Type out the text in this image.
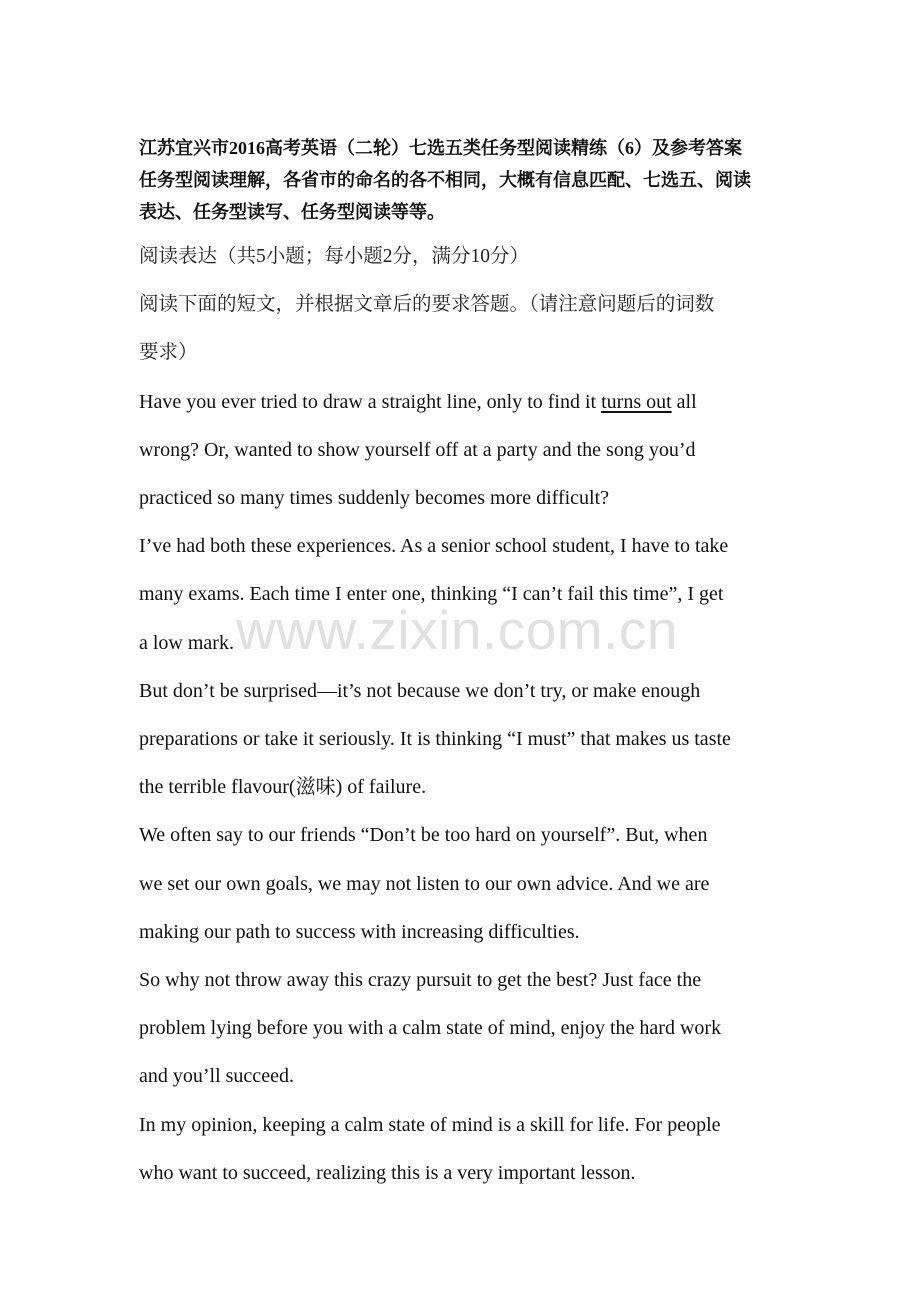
江苏宜兴市2016高考英语（二轮）七选五类任务型阅读精练（6）及参考答案
任务型阅读理解，各省市的命名的各不相同，大概有信息匹配、七选五、阅读
表达、任务型读写、任务型阅读等等。
阅读表达（共5小题；每小题2分，满分10分）
阅读下面的短文，并根据文章后的要求答题。（请注意问题后的词数
要求）
Have you ever tried to draw a straight line, only to find it turns out all
wrong? Or, wanted to show yourself off at a party and the song you’d
practiced so many times suddenly becomes more difficult?
I’ve had both these experiences. As a senior school student, I have to take
many exams. Each time I enter one, thinking “I can’t fail this time”, I get
a low mark.
But don’t be surprised—it’s not because we don’t try, or make enough
preparations or take it seriously. It is thinking “I must” that makes us taste
the terrible flavour(滋味) of failure.
We often say to our friends “Don’t be too hard on yourself”. But, when
we set our own goals, we may not listen to our own advice. And we are
making our path to success with increasing difficulties.
So why not throw away this crazy pursuit to get the best? Just face the
problem lying before you with a calm state of mind, enjoy the hard work
and you’ll succeed.
In my opinion, keeping a calm state of mind is a skill for life. For people
who want to succeed, realizing this is a very important lesson.
www.zixin.com.cn
